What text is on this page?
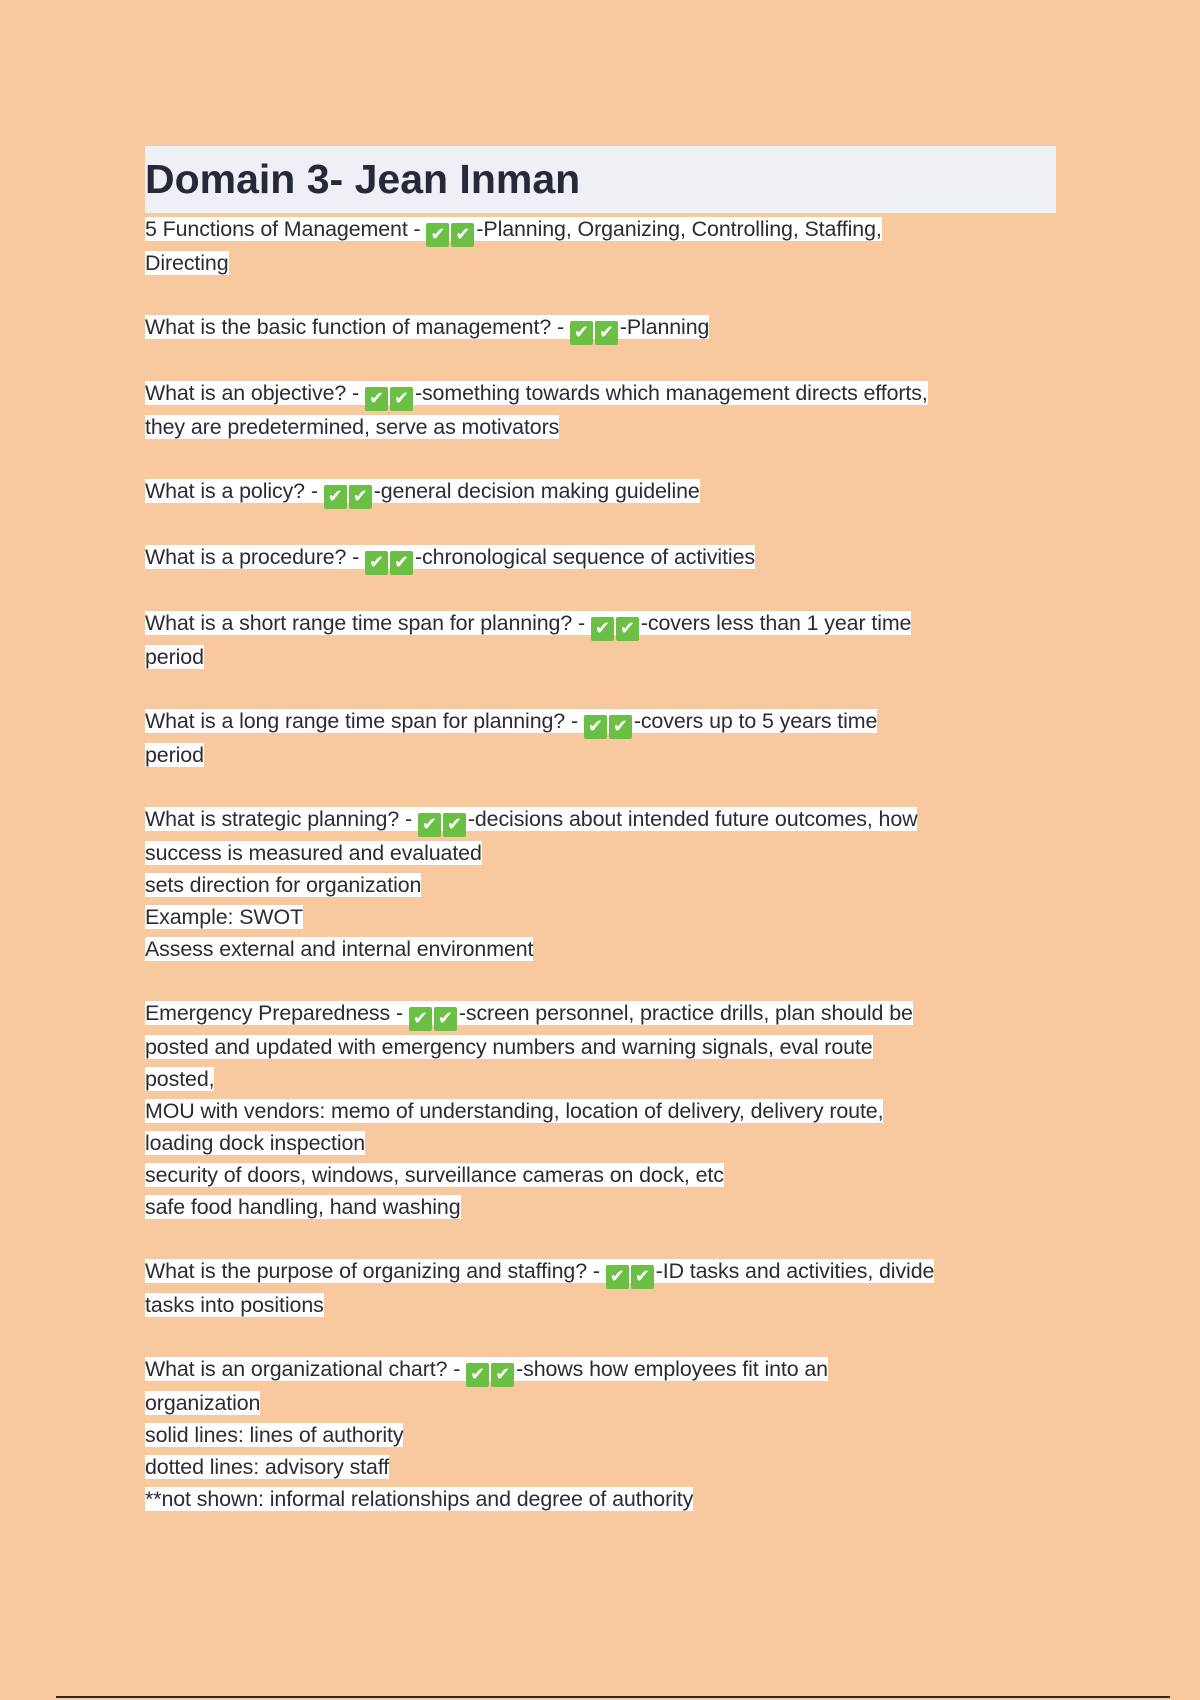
Domain 3- Jean Inman
5 Functions of Management - ✔ ✔ -Planning, Organizing, Controlling, Staffing,
Directing
What is the basic function of management? - ✔ ✔ -Planning
What is an objective? - ✔ ✔ -something towards which management directs efforts,
they are predetermined, serve as motivators
What is a policy? - ✔ ✔ -general decision making guideline
What is a procedure? - ✔ ✔ -chronological sequence of activities
What is a short range time span for planning? - ✔ ✔ -covers less than 1 year time
period
What is a long range time span for planning? - ✔ ✔ -covers up to 5 years time
period
What is strategic planning? - ✔ ✔ -decisions about intended future outcomes, how
success is measured and evaluated
sets direction for organization
Example: SWOT
Assess external and internal environment
Emergency Preparedness - ✔ ✔ -screen personnel, practice drills, plan should be
posted and updated with emergency numbers and warning signals, eval route
posted,
MOU with vendors: memo of understanding, location of delivery, delivery route,
loading dock inspection
security of doors, windows, surveillance cameras on dock, etc
safe food handling, hand washing
What is the purpose of organizing and staffing? - ✔ ✔ -ID tasks and activities, divide
tasks into positions
What is an organizational chart? - ✔ ✔ -shows how employees fit into an
organization
solid lines: lines of authority
dotted lines: advisory staff
**not shown: informal relationships and degree of authority
